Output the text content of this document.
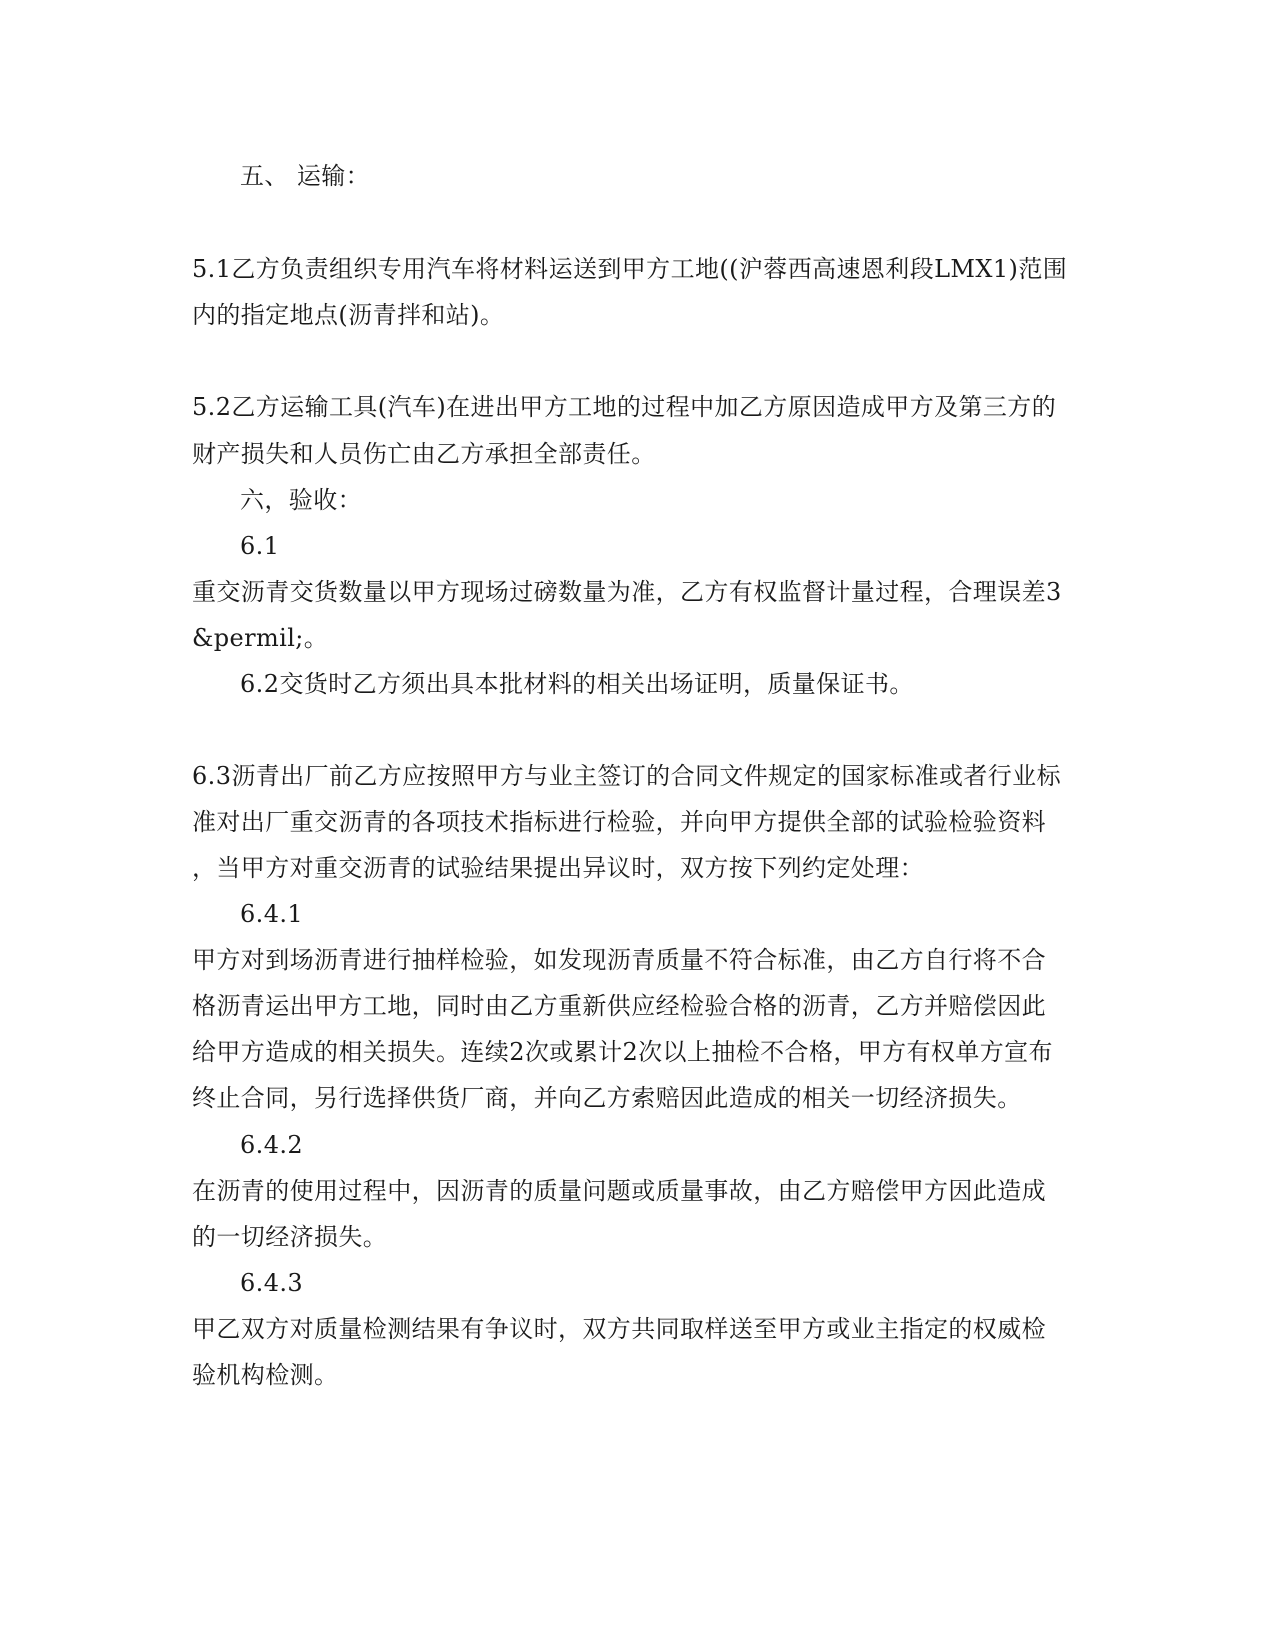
五、 运输：
5.1乙方负责组织专用汽车将材料运送到甲方工地((沪蓉西高速恩利段LMX1)范围
内的指定地点(沥青拌和站)。
5.2乙方运输工具(汽车)在进出甲方工地的过程中加乙方原因造成甲方及第三方的
财产损失和人员伤亡由乙方承担全部责任。
六，验收：
6.1
重交沥青交货数量以甲方现场过磅数量为准，乙方有权监督计量过程，合理误差3
&permil;。
6.2交货时乙方须出具本批材料的相关出场证明，质量保证书。
6.3沥青出厂前乙方应按照甲方与业主签订的合同文件规定的国家标准或者行业标
准对出厂重交沥青的各项技术指标进行检验，并向甲方提供全部的试验检验资料
，当甲方对重交沥青的试验结果提出异议时，双方按下列约定处理：
6.4.1
甲方对到场沥青进行抽样检验，如发现沥青质量不符合标准，由乙方自行将不合
格沥青运出甲方工地，同时由乙方重新供应经检验合格的沥青，乙方并赔偿因此
给甲方造成的相关损失。连续2次或累计2次以上抽检不合格，甲方有权单方宣布
终止合同，另行选择供货厂商，并向乙方索赔因此造成的相关一切经济损失。
6.4.2
在沥青的使用过程中，因沥青的质量问题或质量事故，由乙方赔偿甲方因此造成
的一切经济损失。
6.4.3
甲乙双方对质量检测结果有争议时，双方共同取样送至甲方或业主指定的权威检
验机构检测。
